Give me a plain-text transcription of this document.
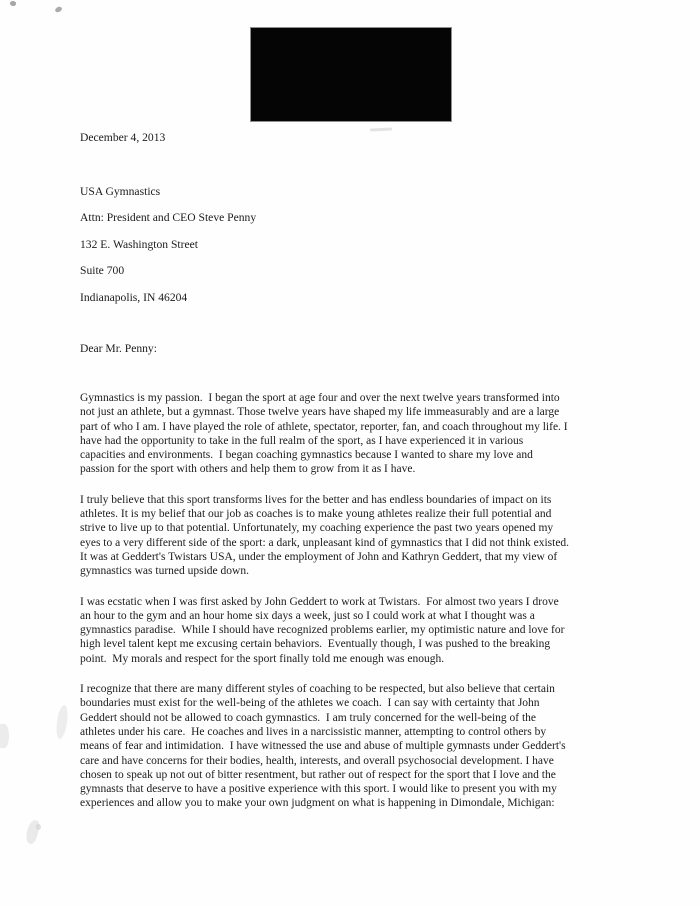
December 4, 2013
USA Gymnastics
Attn: President and CEO Steve Penny
132 E. Washington Street
Suite 700
Indianapolis, IN 46204
Dear Mr. Penny:
Gymnastics is my passion.  I began the sport at age four and over the next twelve years transformed into
not just an athlete, but a gymnast. Those twelve years have shaped my life immeasurably and are a large
part of who I am. I have played the role of athlete, spectator, reporter, fan, and coach throughout my life. I
have had the opportunity to take in the full realm of the sport, as I have experienced it in various
capacities and environments.  I began coaching gymnastics because I wanted to share my love and
passion for the sport with others and help them to grow from it as I have.
I truly believe that this sport transforms lives for the better and has endless boundaries of impact on its
athletes. It is my belief that our job as coaches is to make young athletes realize their full potential and
strive to live up to that potential. Unfortunately, my coaching experience the past two years opened my
eyes to a very different side of the sport: a dark, unpleasant kind of gymnastics that I did not think existed.
It was at Geddert's Twistars USA, under the employment of John and Kathryn Geddert, that my view of
gymnastics was turned upside down.
I was ecstatic when I was first asked by John Geddert to work at Twistars.  For almost two years I drove
an hour to the gym and an hour home six days a week, just so I could work at what I thought was a
gymnastics paradise.  While I should have recognized problems earlier, my optimistic nature and love for
high level talent kept me excusing certain behaviors.  Eventually though, I was pushed to the breaking
point.  My morals and respect for the sport finally told me enough was enough.
I recognize that there are many different styles of coaching to be respected, but also believe that certain
boundaries must exist for the well-being of the athletes we coach.  I can say with certainty that John
Geddert should not be allowed to coach gymnastics.  I am truly concerned for the well-being of the
athletes under his care.  He coaches and lives in a narcissistic manner, attempting to control others by
means of fear and intimidation.  I have witnessed the use and abuse of multiple gymnasts under Geddert's
care and have concerns for their bodies, health, interests, and overall psychosocial development. I have
chosen to speak up not out of bitter resentment, but rather out of respect for the sport that I love and the
gymnasts that deserve to have a positive experience with this sport. I would like to present you with my
experiences and allow you to make your own judgment on what is happening in Dimondale, Michigan:
